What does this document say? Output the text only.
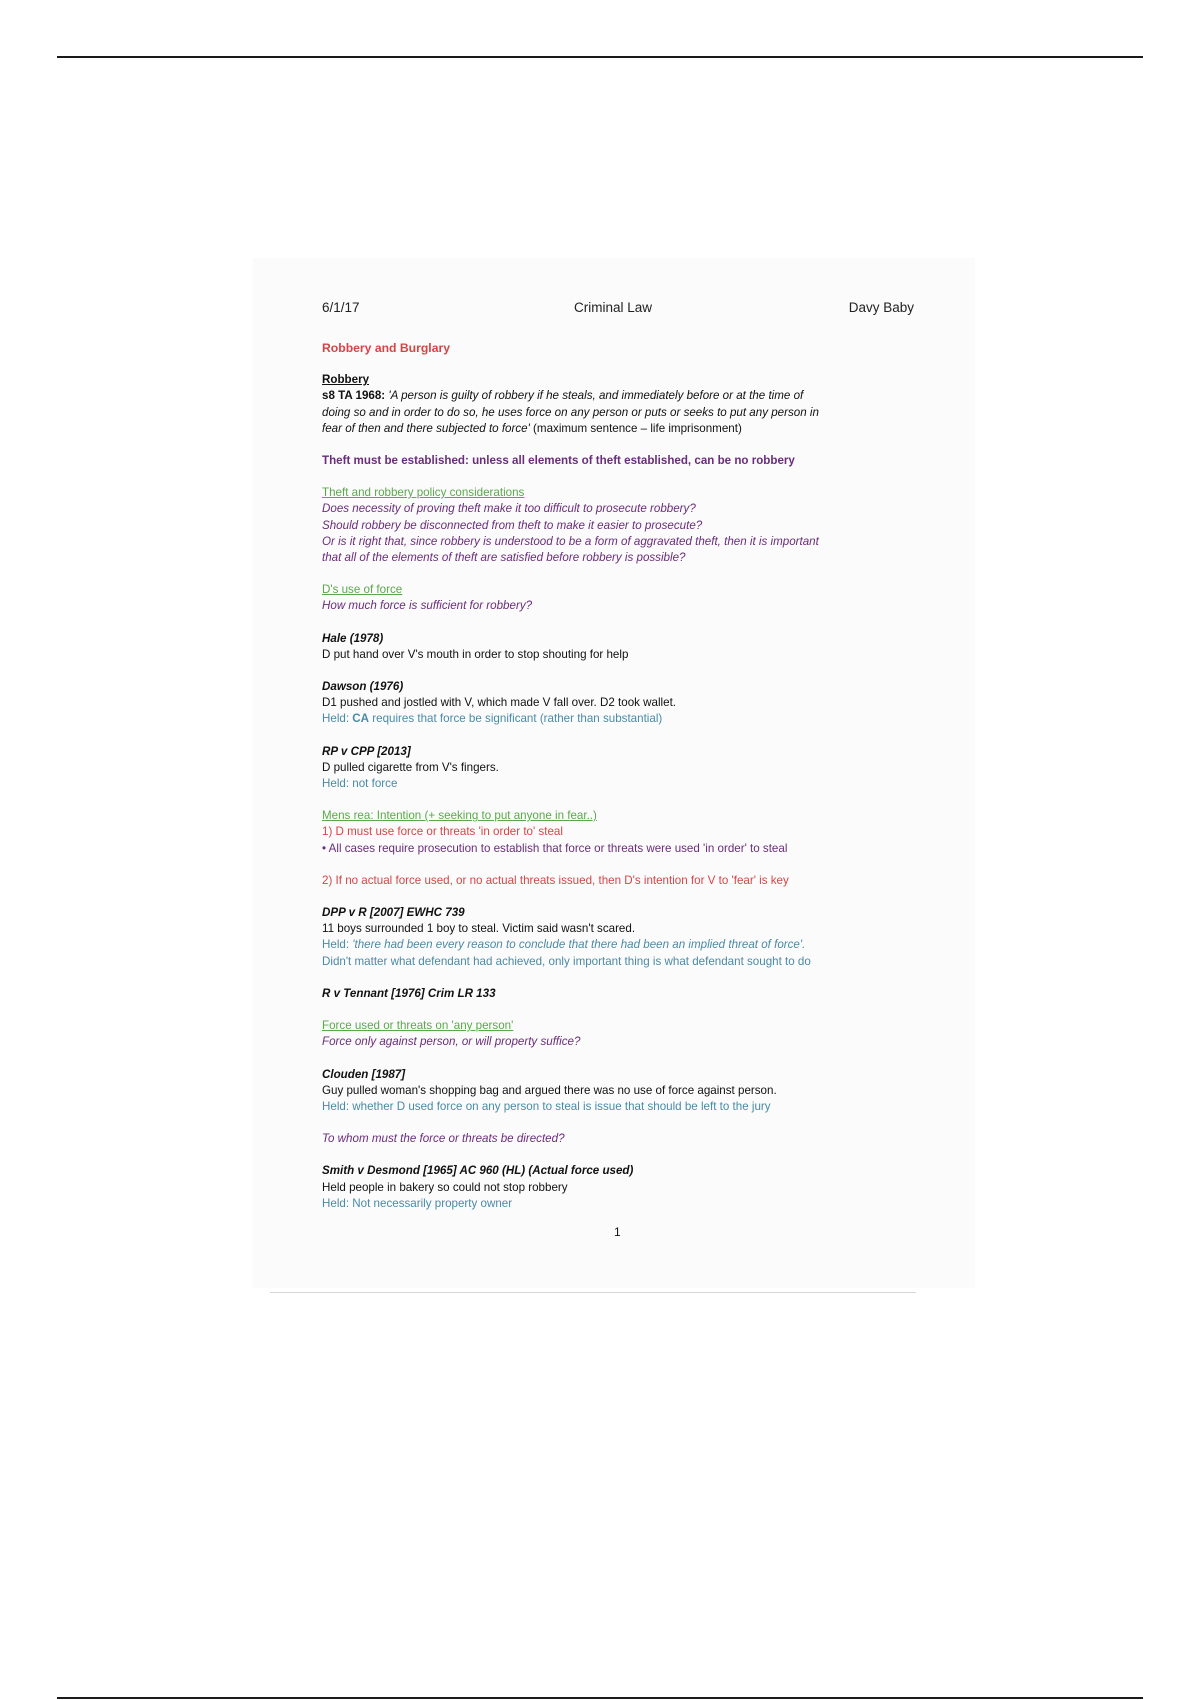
6/1/17	Criminal Law	Davy Baby
Robbery and Burglary
Robbery
s8 TA 1968: 'A person is guilty of robbery if he steals, and immediately before or at the time of
doing so and in order to do so, he uses force on any person or puts or seeks to put any person in
fear of then and there subjected to force' (maximum sentence – life imprisonment)
Theft must be established: unless all elements of theft established, can be no robbery
Theft and robbery policy considerations
Does necessity of proving theft make it too difficult to prosecute robbery?
Should robbery be disconnected from theft to make it easier to prosecute?
Or is it right that, since robbery is understood to be a form of aggravated theft, then it is important
that all of the elements of theft are satisfied before robbery is possible?
D's use of force
How much force is sufficient for robbery?
Hale (1978)
D put hand over V's mouth in order to stop shouting for help
Dawson (1976)
D1 pushed and jostled with V, which made V fall over. D2 took wallet.
Held: CA requires that force be significant (rather than substantial)
RP v CPP [2013]
D pulled cigarette from V's fingers.
Held: not force
Mens rea: Intention (+ seeking to put anyone in fear..)
1) D must use force or threats 'in order to' steal
• All cases require prosecution to establish that force or threats were used 'in order' to steal
2) If no actual force used, or no actual threats issued, then D's intention for V to 'fear' is key
DPP v R [2007] EWHC 739
11 boys surrounded 1 boy to steal. Victim said wasn't scared.
Held: 'there had been every reason to conclude that there had been an implied threat of force'.
Didn't matter what defendant had achieved, only important thing is what defendant sought to do
R v Tennant [1976] Crim LR 133
Force used or threats on 'any person'
Force only against person, or will property suffice?
Clouden [1987]
Guy pulled woman's shopping bag and argued there was no use of force against person.
Held: whether D used force on any person to steal is issue that should be left to the jury
To whom must the force or threats be directed?
Smith v Desmond [1965] AC 960 (HL) (Actual force used)
Held people in bakery so could not stop robbery
Held: Not necessarily property owner
1
